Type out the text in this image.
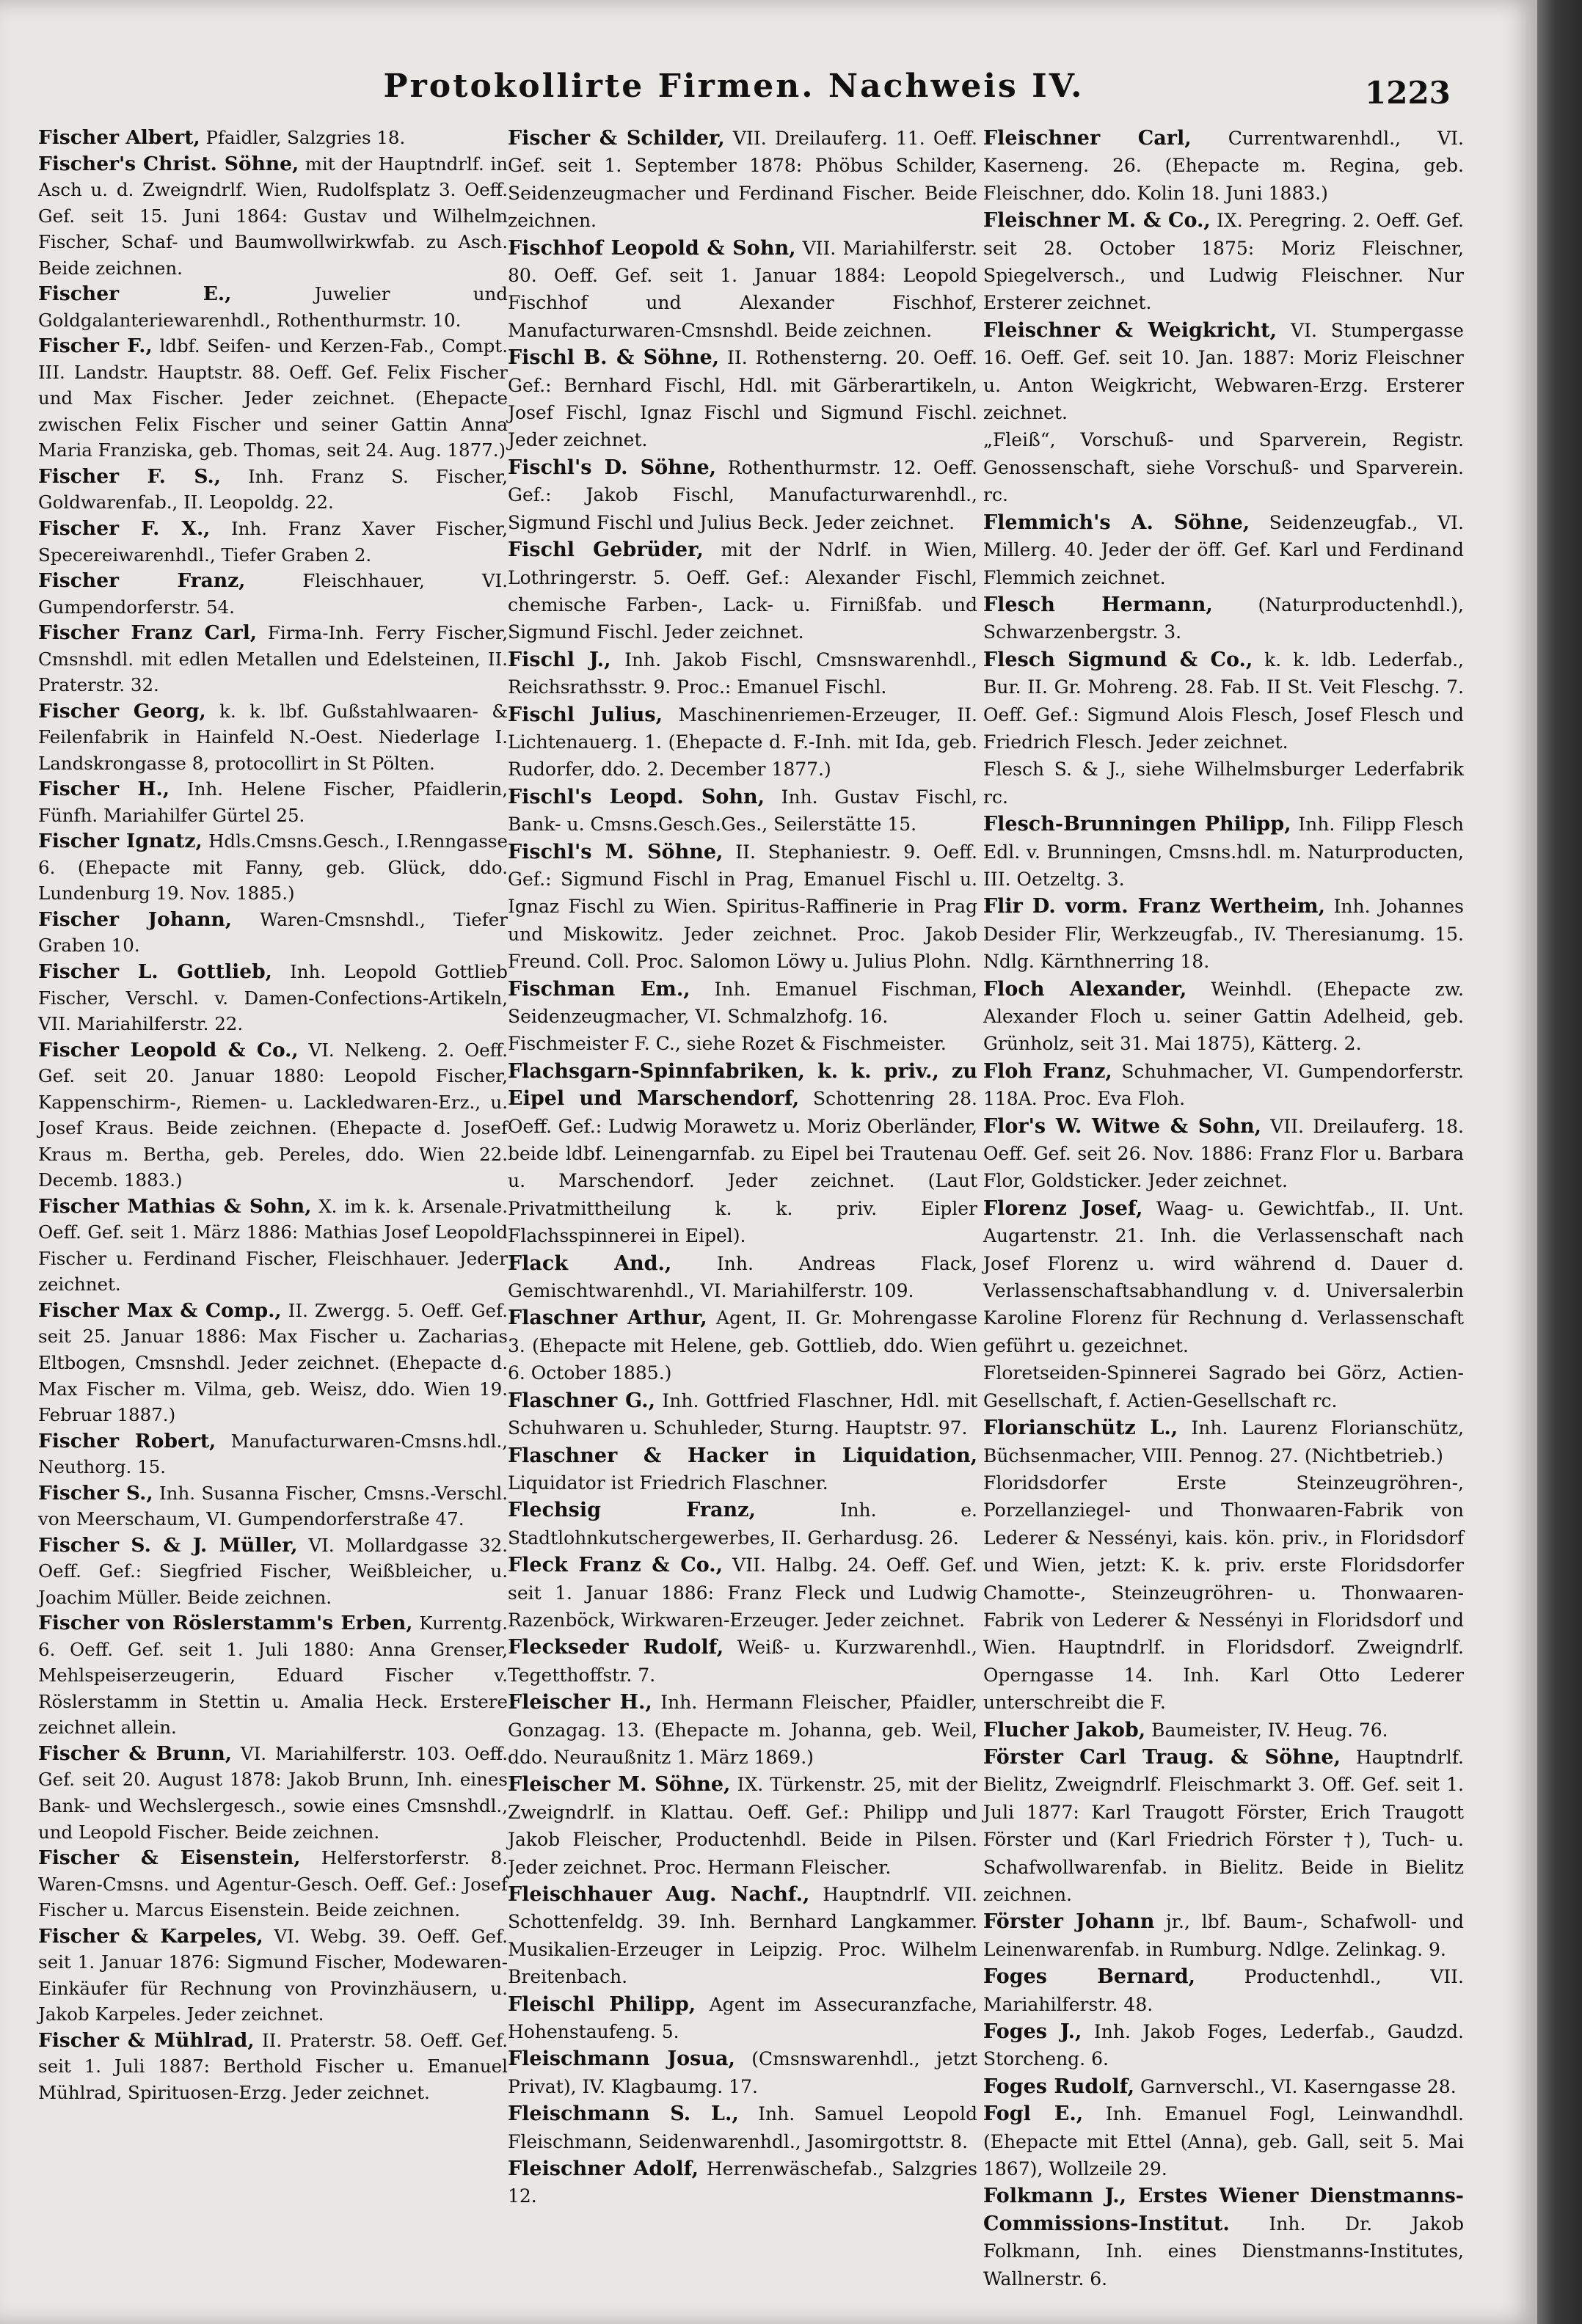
Protokollirte Firmen. Nachweis IV.	1223

Fischer Albert, Pfaidler, Salzgries 18.

Fischer's Christ. Söhne, mit der Hauptndrlf. in Asch u. d. Zweigndrlf. Wien, Rudolfsplatz 3. Oeff. Gef. seit 15. Juni 1864: Gustav und Wilhelm Fischer, Schaf- und Baumwollwirkwfab. zu Asch. Beide zeichnen.

Fischer E., Juwelier und Goldgalanteriewarenhdl., Rothenthurmstr. 10.

Fischer F., ldbf. Seifen- und Kerzen-Fab., Compt. III. Landstr. Hauptstr. 88. Oeff. Gef. Felix Fischer und Max Fischer. Jeder zeichnet. (Ehepacte zwischen Felix Fischer und seiner Gattin Anna Maria Franziska, geb. Thomas, seit 24. Aug. 1877.)

Fischer F. S., Inh. Franz S. Fischer, Goldwarenfab., II. Leopoldg. 22.

Fischer F. X., Inh. Franz Xaver Fischer, Specereiwarenhdl., Tiefer Graben 2.

Fischer Franz, Fleischhauer, VI. Gumpendorferstr. 54.

Fischer Franz Carl, Firma-Inh. Ferry Fischer, Cmsnshdl. mit edlen Metallen und Edelsteinen, II. Praterstr. 32.

Fischer Georg, k. k. lbf. Gußstahlwaaren- & Feilenfabrik in Hainfeld N.-Oest. Niederlage I. Landskrongasse 8, protocollirt in St Pölten.

Fischer H., Inh. Helene Fischer, Pfaidlerin, Fünfh. Mariahilfer Gürtel 25.

Fischer Ignatz, Hdls.Cmsns.Gesch., I.Renngasse 6. (Ehepacte mit Fanny, geb. Glück, ddo. Lundenburg 19. Nov. 1885.)

Fischer Johann, Waren-Cmsnshdl., Tiefer Graben 10.

Fischer L. Gottlieb, Inh. Leopold Gottlieb Fischer, Verschl. v. Damen-Confections-Artikeln, VII. Mariahilferstr. 22.

Fischer Leopold & Co., VI. Nelkeng. 2. Oeff. Gef. seit 20. Januar 1880: Leopold Fischer, Kappenschirm-, Riemen- u. Lackledwaren-Erz., u. Josef Kraus. Beide zeichnen. (Ehepacte d. Josef Kraus m. Bertha, geb. Pereles, ddo. Wien 22. Decemb. 1883.)

Fischer Mathias & Sohn, X. im k. k. Arsenale. Oeff. Gef. seit 1. März 1886: Mathias Josef Leopold Fischer u. Ferdinand Fischer, Fleischhauer. Jeder zeichnet.

Fischer Max & Comp., II. Zwergg. 5. Oeff. Gef. seit 25. Januar 1886: Max Fischer u. Zacharias Eltbogen, Cmsnshdl. Jeder zeichnet. (Ehepacte d. Max Fischer m. Vilma, geb. Weisz, ddo. Wien 19. Februar 1887.)

Fischer Robert, Manufacturwaren-Cmsns.hdl., Neuthorg. 15.

Fischer S., Inh. Susanna Fischer, Cmsns.-Verschl. von Meerschaum, VI. Gumpendorferstraße 47.

Fischer S. & J. Müller, VI. Mollardgasse 32. Oeff. Gef.: Siegfried Fischer, Weißbleicher, u. Joachim Müller. Beide zeichnen.

Fischer von Röslerstamm's Erben, Kurrentg. 6. Oeff. Gef. seit 1. Juli 1880: Anna Grenser, Mehlspeiserzeugerin, Eduard Fischer v. Röslerstamm in Stettin u. Amalia Heck. Erstere zeichnet allein.

Fischer & Brunn, VI. Mariahilferstr. 103. Oeff. Gef. seit 20. August 1878: Jakob Brunn, Inh. eines Bank- und Wechslergesch., sowie eines Cmsnshdl., und Leopold Fischer. Beide zeichnen.

Fischer & Eisenstein, Helferstorferstr. 8. Waren-Cmsns. und Agentur-Gesch. Oeff. Gef.: Josef Fischer u. Marcus Eisenstein. Beide zeichnen.

Fischer & Karpeles, VI. Webg. 39. Oeff. Gef. seit 1. Januar 1876: Sigmund Fischer, Modewaren-Einkäufer für Rechnung von Provinzhäusern, u. Jakob Karpeles. Jeder zeichnet.

Fischer & Mühlrad, II. Praterstr. 58. Oeff. Gef. seit 1. Juli 1887: Berthold Fischer u. Emanuel Mühlrad, Spirituosen-Erzg. Jeder zeichnet.

Fischer & Schilder, VII. Dreilauferg. 11. Oeff. Gef. seit 1. September 1878: Phöbus Schilder, Seidenzeugmacher und Ferdinand Fischer. Beide zeichnen.

Fischhof Leopold & Sohn, VII. Mariahilferstr. 80. Oeff. Gef. seit 1. Januar 1884: Leopold Fischhof und Alexander Fischhof, Manufacturwaren-Cmsnshdl. Beide zeichnen.

Fischl B. & Söhne, II. Rothensterng. 20. Oeff. Gef.: Bernhard Fischl, Hdl. mit Gärberartikeln, Josef Fischl, Ignaz Fischl und Sigmund Fischl. Jeder zeichnet.

Fischl's D. Söhne, Rothenthurmstr. 12. Oeff. Gef.: Jakob Fischl, Manufacturwarenhdl., Sigmund Fischl und Julius Beck. Jeder zeichnet.

Fischl Gebrüder, mit der Ndrlf. in Wien, Lothringerstr. 5. Oeff. Gef.: Alexander Fischl, chemische Farben-, Lack- u. Firnißfab. und Sigmund Fischl. Jeder zeichnet.

Fischl J., Inh. Jakob Fischl, Cmsnswarenhdl., Reichsrathsstr. 9. Proc.: Emanuel Fischl.

Fischl Julius, Maschinenriemen-Erzeuger, II. Lichtenauerg. 1. (Ehepacte d. F.-Inh. mit Ida, geb. Rudorfer, ddo. 2. December 1877.)

Fischl's Leopd. Sohn, Inh. Gustav Fischl, Bank- u. Cmsns.Gesch.Ges., Seilerstätte 15.

Fischl's M. Söhne, II. Stephaniestr. 9. Oeff. Gef.: Sigmund Fischl in Prag, Emanuel Fischl u. Ignaz Fischl zu Wien. Spiritus-Raffinerie in Prag und Miskowitz. Jeder zeichnet. Proc. Jakob Freund. Coll. Proc. Salomon Löwy u. Julius Plohn.

Fischman Em., Inh. Emanuel Fischman, Seidenzeugmacher, VI. Schmalzhofg. 16.

Fischmeister F. C., siehe Rozet & Fischmeister.

Flachsgarn-Spinnfabriken, k. k. priv., zu Eipel und Marschendorf, Schottenring 28. Oeff. Gef.: Ludwig Morawetz u. Moriz Oberländer, beide ldbf. Leinengarnfab. zu Eipel bei Trautenau u. Marschendorf. Jeder zeichnet. (Laut Privatmittheilung k. k. priv. Eipler Flachsspinnerei in Eipel).

Flack And., Inh. Andreas Flack, Gemischtwarenhdl., VI. Mariahilferstr. 109.

Flaschner Arthur, Agent, II. Gr. Mohrengasse 3. (Ehepacte mit Helene, geb. Gottlieb, ddo. Wien 6. October 1885.)

Flaschner G., Inh. Gottfried Flaschner, Hdl. mit Schuhwaren u. Schuhleder, Sturng. Hauptstr. 97.

Flaschner & Hacker in Liquidation, Liquidator ist Friedrich Flaschner.

Flechsig Franz, Inh. e. Stadtlohnkutschergewerbes, II. Gerhardusg. 26.

Fleck Franz & Co., VII. Halbg. 24. Oeff. Gef. seit 1. Januar 1886: Franz Fleck und Ludwig Razenböck, Wirkwaren-Erzeuger. Jeder zeichnet.

Fleckseder Rudolf, Weiß- u. Kurzwarenhdl., Tegetthoffstr. 7.

Fleischer H., Inh. Hermann Fleischer, Pfaidler, Gonzagag. 13. (Ehepacte m. Johanna, geb. Weil, ddo. Neuraußnitz 1. März 1869.)

Fleischer M. Söhne, IX. Türkenstr. 25, mit der Zweigndrlf. in Klattau. Oeff. Gef.: Philipp und Jakob Fleischer, Productenhdl. Beide in Pilsen. Jeder zeichnet. Proc. Hermann Fleischer.

Fleischhauer Aug. Nachf., Hauptndrlf. VII. Schottenfeldg. 39. Inh. Bernhard Langkammer. Musikalien-Erzeuger in Leipzig. Proc. Wilhelm Breitenbach.

Fleischl Philipp, Agent im Assecuranzfache, Hohenstaufeng. 5.

Fleischmann Josua, (Cmsnswarenhdl., jetzt Privat), IV. Klagbaumg. 17.

Fleischmann S. L., Inh. Samuel Leopold Fleischmann, Seidenwarenhdl., Jasomirgottstr. 8.

Fleischner Adolf, Herrenwäschefab., Salzgries 12.

Fleischner Carl, Currentwarenhdl., VI. Kaserneng. 26. (Ehepacte m. Regina, geb. Fleischner, ddo. Kolin 18. Juni 1883.)

Fleischner M. & Co., IX. Peregring. 2. Oeff. Gef. seit 28. October 1875: Moriz Fleischner, Spiegelversch., und Ludwig Fleischner. Nur Ersterer zeichnet.

Fleischner & Weigkricht, VI. Stumpergasse 16. Oeff. Gef. seit 10. Jan. 1887: Moriz Fleischner u. Anton Weigkricht, Webwaren-Erzg. Ersterer zeichnet.

„Fleiß“, Vorschuß- und Sparverein, Registr. Genossenschaft, siehe Vorschuß- und Sparverein. rc.

Flemmich's A. Söhne, Seidenzeugfab., VI. Millerg. 40. Jeder der öff. Gef. Karl und Ferdinand Flemmich zeichnet.

Flesch Hermann, (Naturproductenhdl.), Schwarzenbergstr. 3.

Flesch Sigmund & Co., k. k. ldb. Lederfab., Bur. II. Gr. Mohreng. 28. Fab. II St. Veit Fleschg. 7. Oeff. Gef.: Sigmund Alois Flesch, Josef Flesch und Friedrich Flesch. Jeder zeichnet.

Flesch S. & J., siehe Wilhelmsburger Lederfabrik rc.

Flesch-Brunningen Philipp, Inh. Filipp Flesch Edl. v. Brunningen, Cmsns.hdl. m. Naturproducten, III. Oetzeltg. 3.

Flir D. vorm. Franz Wertheim, Inh. Johannes Desider Flir, Werkzeugfab., IV. Theresianumg. 15. Ndlg. Kärnthnerring 18.

Floch Alexander, Weinhdl. (Ehepacte zw. Alexander Floch u. seiner Gattin Adelheid, geb. Grünholz, seit 31. Mai 1875), Kätterg. 2.

Floh Franz, Schuhmacher, VI. Gumpendorferstr. 118A. Proc. Eva Floh.

Flor's W. Witwe & Sohn, VII. Dreilauferg. 18. Oeff. Gef. seit 26. Nov. 1886: Franz Flor u. Barbara Flor, Goldsticker. Jeder zeichnet.

Florenz Josef, Waag- u. Gewichtfab., II. Unt. Augartenstr. 21. Inh. die Verlassenschaft nach Josef Florenz u. wird während d. Dauer d. Verlassenschaftsabhandlung v. d. Universalerbin Karoline Florenz für Rechnung d. Verlassenschaft geführt u. gezeichnet.

Floretseiden-Spinnerei Sagrado bei Görz, Actien-Gesellschaft, f. Actien-Gesellschaft rc.

Florianschütz L., Inh. Laurenz Florianschütz, Büchsenmacher, VIII. Pennog. 27. (Nichtbetrieb.)

Floridsdorfer Erste Steinzeugröhren-, Porzellanziegel- und Thonwaaren-Fabrik von Lederer & Nessényi, kais. kön. priv., in Floridsdorf und Wien, jetzt: K. k. priv. erste Floridsdorfer Chamotte-, Steinzeugröhren- u. Thonwaaren-Fabrik von Lederer & Nessényi in Floridsdorf und Wien. Hauptndrlf. in Floridsdorf. Zweigndrlf. Operngasse 14. Inh. Karl Otto Lederer unterschreibt die F.

Flucher Jakob, Baumeister, IV. Heug. 76.

Förster Carl Traug. & Söhne, Hauptndrlf. Bielitz, Zweigndrlf. Fleischmarkt 3. Off. Gef. seit 1. Juli 1877: Karl Traugott Förster, Erich Traugott Förster und (Karl Friedrich Förster †), Tuch- u. Schafwollwarenfab. in Bielitz. Beide in Bielitz zeichnen.

Förster Johann jr., lbf. Baum-, Schafwoll- und Leinenwarenfab. in Rumburg. Ndlge. Zelinkag. 9.

Foges Bernard, Productenhdl., VII. Mariahilferstr. 48.

Foges J., Inh. Jakob Foges, Lederfab., Gaudzd. Storcheng. 6.

Foges Rudolf, Garnverschl., VI. Kaserngasse 28.

Fogl E., Inh. Emanuel Fogl, Leinwandhdl. (Ehepacte mit Ettel (Anna), geb. Gall, seit 5. Mai 1867), Wollzeile 29.

Folkmann J., Erstes Wiener Dienstmanns-Commissions-Institut. Inh. Dr. Jakob Folkmann, Inh. eines Dienstmanns-Institutes, Wallnerstr. 6.
